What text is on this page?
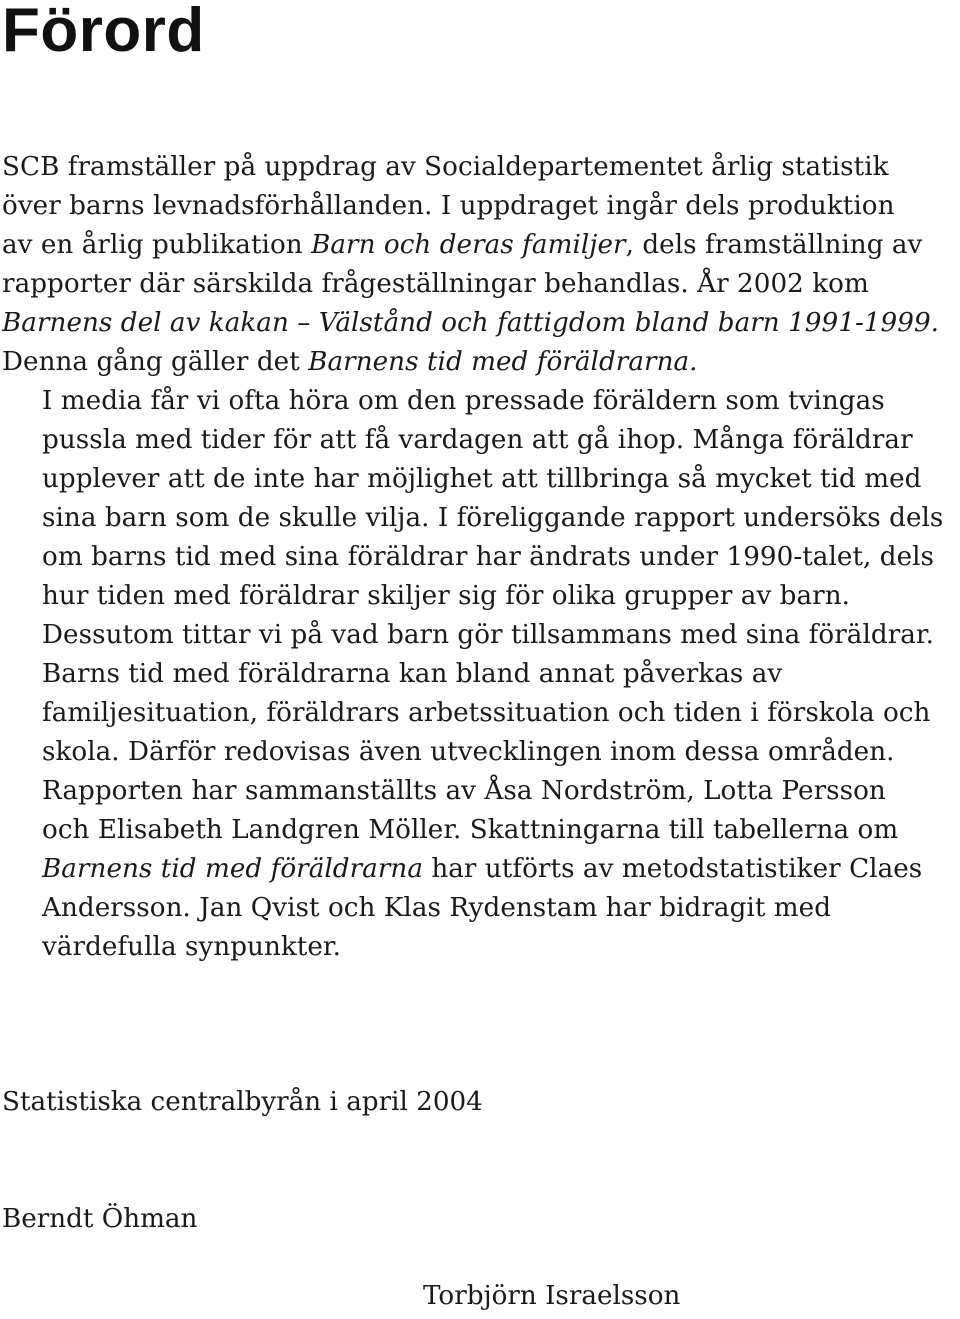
Förord

SCB framställer på uppdrag av Socialdepartementet årlig statistik
över barns levnadsförhållanden. I uppdraget ingår dels produktion
av en årlig publikation Barn och deras familjer, dels framställning av
rapporter där särskilda frågeställningar behandlas. År 2002 kom
Barnens del av kakan – Välstånd och fattigdom bland barn 1991-1999.
Denna gång gäller det Barnens tid med föräldrarna.

I media får vi ofta höra om den pressade föräldern som tvingas
pussla med tider för att få vardagen att gå ihop. Många föräldrar
upplever att de inte har möjlighet att tillbringa så mycket tid med
sina barn som de skulle vilja. I föreliggande rapport undersöks dels
om barns tid med sina föräldrar har ändrats under 1990-talet, dels
hur tiden med föräldrar skiljer sig för olika grupper av barn.
Dessutom tittar vi på vad barn gör tillsammans med sina föräldrar.

Barns tid med föräldrarna kan bland annat påverkas av
familjesituation, föräldrars arbetssituation och tiden i förskola och
skola. Därför redovisas även utvecklingen inom dessa områden.

Rapporten har sammanställts av Åsa Nordström, Lotta Persson
och Elisabeth Landgren Möller. Skattningarna till tabellerna om
Barnens tid med föräldrarna har utförts av metodstatistiker Claes
Andersson. Jan Qvist och Klas Rydenstam har bidragit med
värdefulla synpunkter.

Statistiska centralbyrån i april 2004

Berndt Öhman

Torbjörn Israelsson
